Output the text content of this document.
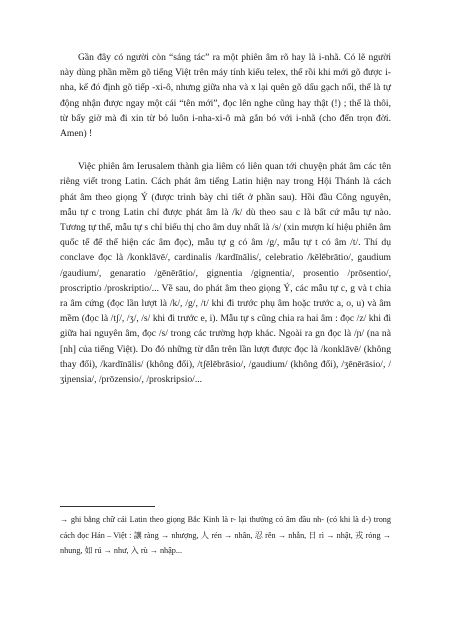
Gần đây có người còn “sáng tác” ra một phiên âm rõ hay là i-nhã. Có lẽ người này dùng phần mềm gõ tiếng Việt trên máy tính kiểu telex, thế rồi khi mới gõ được i-nha, kế đó định gõ tiếp -xi-ô, nhưng giữa nha và x lại quên gõ dấu gạch nối, thế là tự động nhận được ngay một cái “tên mới”, đọc lên nghe cũng hay thật (!) ; thế là thôi, từ bấy giờ mà đi xin từ bỏ luôn i-nha-xi-ô mà gắn bó với i-nhã (cho đến trọn đời. Amen) !

Việc phiên âm Ierusalem thành gia liêm có liên quan tới chuyện phát âm các tên riêng viết trong Latin. Cách phát âm tiếng Latin hiện nay trong Hội Thánh là cách phát âm theo giọng Ý (được trình bày chi tiết ở phần sau). Hồi đầu Công nguyên, mẫu tự c trong Latin chỉ được phát âm là /k/ dù theo sau c là bất cứ mẫu tự nào. Tương tự thế, mẫu tự s chỉ biểu thị cho âm duy nhất là /s/ (xin mượn kí hiệu phiên âm quốc tế để thể hiện các âm đọc), mẫu tự g có âm /g/, mẫu tự t có âm /t/. Thí dụ conclave đọc là /konklāvē/, cardinalis /kardīnālis/, celebratio /kēlēbrātio/, gaudium /gaudium/, genaratio /gēnērātio/, gignentia /gignentia/, prosentio /prōsentio/, proscriptio /proskriptio/... Về sau, do phát âm theo giọng Ý, các mẫu tự c, g và t chia ra âm cứng (đọc lần lượt là /k/, /g/, /t/ khi đi trước phụ âm hoặc trước a, o, u) và âm mềm (đọc là /tʃ/, /ʒ/, /s/ khi đi trước e, i). Mẫu tự s cũng chia ra hai âm : đọc /z/ khi đi giữa hai nguyên âm, đọc /s/ trong các trường hợp khác. Ngoài ra gn đọc là /ɲ/ (na nà [nh] của tiếng Việt). Do đó những từ dẫn trên lần lượt được đọc là /konklāvē/ (không thay đổi), /kardīnālis/ (không đổi), /tʃēlēbrāsio/, /gaudium/ (không đổi), /ʒēnērāsio/, /ʒiɲensia/, /prōzensio/, /proskripsio/...

→ ghi bằng chữ cái Latin theo giọng Bắc Kinh là r- lại thường có âm đầu nh- (có khi là d-) trong cách đọc Hán – Việt : 讓 ràng → nhượng, 人 rén → nhân, 忍 rěn → nhẫn, 日 rì → nhật, 戎 róng → nhung, 如 rú → như, 入 rù → nhập...
